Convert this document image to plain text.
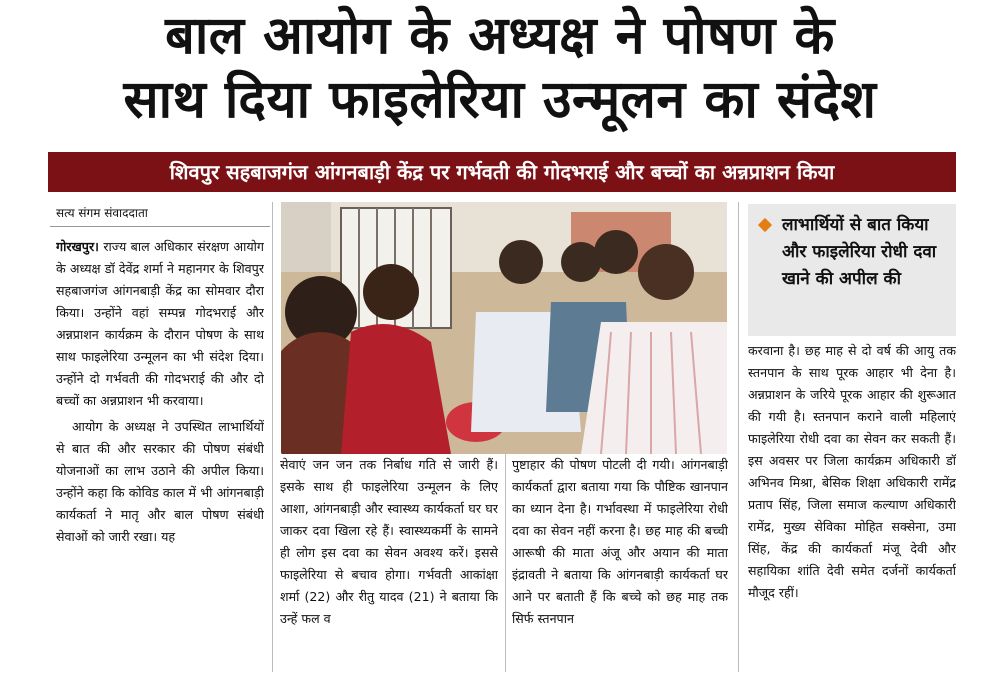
बाल आयोग के अध्यक्ष ने पोषण के
साथ दिया फाइलेरिया उन्मूलन का संदेश
शिवपुर सहबाजगंज आंगनबाड़ी केंद्र पर गर्भवती की गोदभराई और बच्चों का अन्नप्राशन किया
सत्य संगम संवाददाता

गोरखपुर। राज्य बाल अधिकार संरक्षण आयोग के अध्यक्ष डॉ देवेंद्र शर्मा ने महानगर के शिवपुर सहबाजगंज आंगनबाड़ी केंद्र का सोमवार दौरा किया। उन्होंने वहां सम्पन्न गोदभराई और अन्नप्राशन कार्यक्रम के दौरान पोषण के साथ साथ फाइलेरिया उन्मूलन का भी संदेश दिया। उन्होंने दो गर्भवती की गोदभराई की और दो बच्चों का अन्नप्राशन भी करवाया।

आयोग के अध्यक्ष ने उपस्थित लाभार्थियों से बात की और सरकार की पोषण संबंधी योजनाओं का लाभ उठाने की अपील किया। उन्होंने कहा कि कोविड काल में भी आंगनबाड़ी कार्यकर्ता ने मातृ और बाल पोषण संबंधी सेवाओं को जारी रखा। यह

सेवाएं जन जन तक निर्बाध गति से जारी हैं। इसके साथ ही फाइलेरिया उन्मूलन के लिए आशा, आंगनबाड़ी और स्वास्थ्य कार्यकर्ता घर घर जाकर दवा खिला रहे हैं। स्वास्थ्यकर्मी के सामने ही लोग इस दवा का सेवन अवश्य करें। इससे फाइलेरिया से बचाव होगा। गर्भवती आकांक्षा शर्मा (22) और रीतु यादव (21) ने बताया कि उन्हें फल व

पुष्टाहार की पोषण पोटली दी गयी। आंगनबाड़ी कार्यकर्ता द्वारा बताया गया कि पौष्टिक खानपान का ध्यान देना है। गर्भावस्था में फाइलेरिया रोधी दवा का सेवन नहीं करना है। छह माह की बच्ची आरूषी की माता अंजू और अयान की माता इंद्रावती ने बताया कि आंगनबाड़ी कार्यकर्ता घर आने पर बताती हैं कि बच्चे को छह माह तक सिर्फ स्तनपान

लाभार्थियों से बात किया और फाइलेरिया रोधी दवा खाने की अपील की

करवाना है। छह माह से दो वर्ष की आयु तक स्तनपान के साथ पूरक आहार भी देना है। अन्नप्राशन के जरिये पूरक आहार की शुरूआत की गयी है। स्तनपान कराने वाली महिलाएं फाइलेरिया रोधी दवा का सेवन कर सकती हैं। इस अवसर पर जिला कार्यक्रम अधिकारी डॉ अभिनव मिश्रा, बेसिक शिक्षा अधिकारी रामेंद्र प्रताप सिंह, जिला समाज कल्याण अधिकारी रामेंद्र, मुख्य सेविका मोहित सक्सेना, उमा सिंह, केंद्र की कार्यकर्ता मंजू देवी और सहायिका शांति देवी समेत दर्जनों कार्यकर्ता मौजूद रहीं।
